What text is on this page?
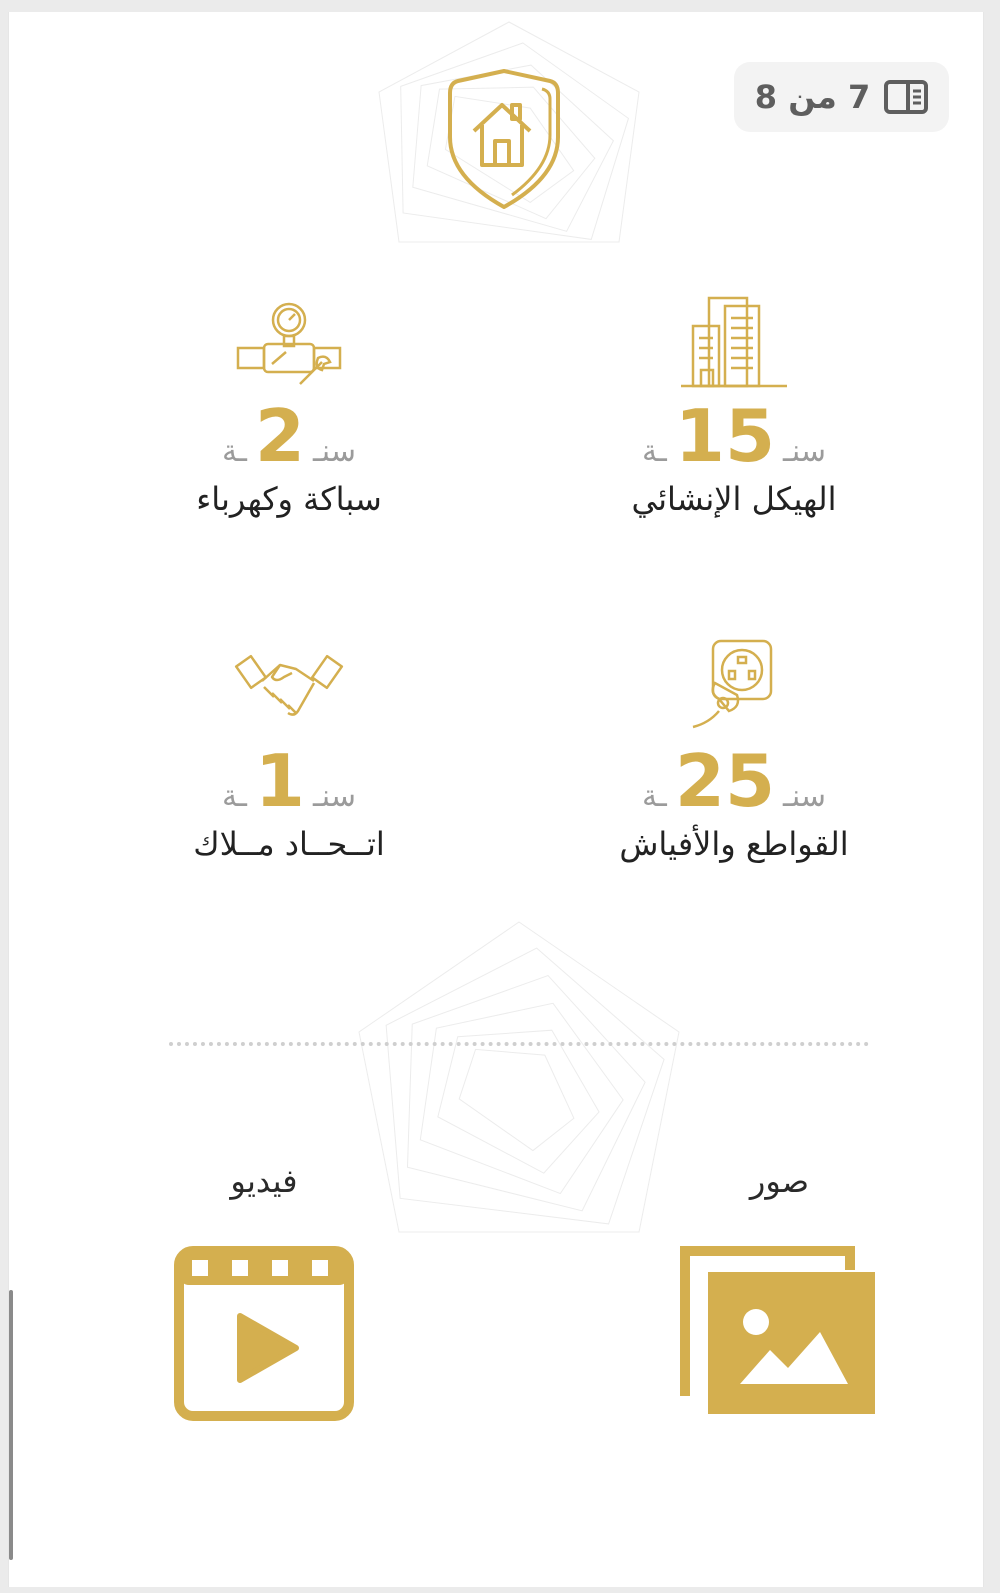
7 من 8
سنـ
15
ـة
الهيكل الإنشائي
سنـ
2
ـة
سباكة وكهرباء
سنـ
25
ـة
القواطع والأفياش
سنـ
1
ـة
اتــحــاد مــلاك
صور
فيديو
